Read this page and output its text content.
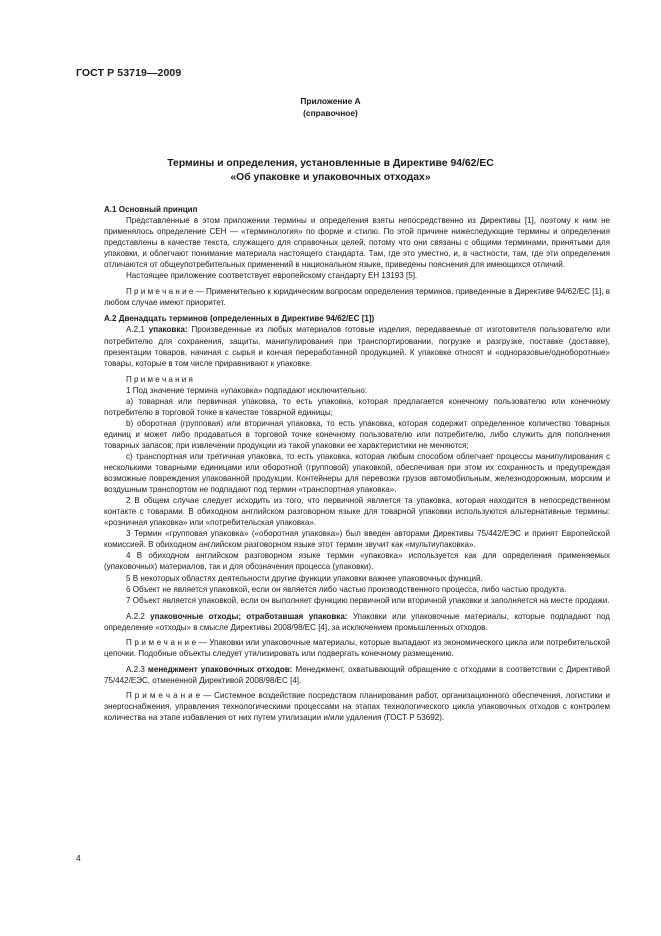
ГОСТ Р 53719—2009
Приложение А
(справочное)
Термины и определения, установленные в Директиве 94/62/ЕС
«Об упаковке и упаковочных отходах»

А.1 Основный принцип

Представленные в этом приложении термины и определения взяты непосредственно из Директивы [1], поэтому к ним не применялось определение СЕН — «терминология» по форме и стилю. По этой причине нижеследующие термины и определения представлены в качестве текста, служащего для справочных целей, потому что они связаны с общими терминами, принятыми для упаковки, и облегчают понимание материала настоящего стандарта. Там, где это уместно, и, в частности, там, где эти определения отличаются от общеупотребительных применений в национальном языке, приведены пояснения для имеющихся отличий.

Настоящее приложение соответствует европейскому стандарту ЕН 13193 [5].

П р и м е ч а н и е — Применительно к юридическим вопросам определения терминов, приведенные в Директиве 94/62/ЕС [1], в любом случае имеют приоритет.

А.2 Двенадцать терминов (определенных в Директиве 94/62/ЕС [1])

А.2.1 упаковка: Произведенные из любых материалов готовые изделия, передаваемые от изготовителя пользователю или потребителю для сохранения, защиты, манипулирования при транспортировании, погрузке и разгрузке, поставке (доставке), презентации товаров, начиная с сырья и кончая переработанной продукцией. К упаковке относят и «одноразовые/одноборотные» товары, которые в том числе приравнивают к упаковке.

П р и м е ч а н и я

1 Под значение термина «упаковка» подпадают исключительно:

а) товарная или первичная упаковка, то есть упаковка, которая предлагается конечному пользователю или конечному потребителю в торговой точке в качестве товарной единицы;

b) оборотная (групповая) или вторичная упаковка, то есть упаковка, которая содержит определенное количество товарных единиц и может либо продаваться в торговой точке конечному пользователю или потребителю, либо служить для пополнения товарных запасов; при извлечении продукции из такой упаковки ее характеристики не меняются;

с) транспортная или третичная упаковка, то есть упаковка, которая любым способом облегчает процессы манипулирования с несколькими товарными единицами или оборотной (групповой) упаковкой, обеспечивая при этом их сохранность и предупреждая возможные повреждения упакованной продукции. Контейнеры для перевозки грузов автомобильным, железнодорожным, морским и воздушным транспортом не подпадают под термин «транспортная упаковка».

2 В общем случае следует исходить из того, что первичной является та упаковка, которая находится в непосредственном контакте с товарами. В обиходном английском разговорном языке для товарной упаковки используются альтернативные термины: «розничная упаковка» или «потребительская упаковка».

3 Термин «групповая упаковка» («оборотная упаковка») был введен авторами Директивы 75/442/ЕЭС и принят Европейской комиссией. В обиходном английском разговорном языке этот термин звучит как «мультиупаковка».

4 В обиходном английском разговорном языке термин «упаковка» используется как для определения применяемых (упаковочных) материалов, так и для обозначения процесса (упаковки).

5 В некоторых областях деятельности другие функции упаковки важнее упаковочных функций.

6 Объект не является упаковкой, если он является либо частью производственного процесса, либо частью продукта.

7 Объект является упаковкой, если он выполняет функцию первичной или вторичной упаковки и заполняется на месте продажи.

А.2.2 упаковочные отходы; отработавшая упаковка: Упаковки или упаковочные материалы, которые подпадают под определение «отходы» в смысле Директивы 2008/98/ЕС [4], за исключением промышленных отходов.

П р и м е ч а н и е — Упаковки или упаковочные материалы, которые выпадают из экономического цикла или потребительской цепочки. Подобные объекты следует утилизировать или подвергать конечному размещению.

А.2.3 менеджмент упаковочных отходов: Менеджмент, охватывающий обращение с отходами в соответствии с Директивой 75/442/ЕЭС, отмененной Директивой 2008/98/ЕС [4].

П р и м е ч а н и е — Системное воздействие посредством планирования работ, организационного обеспечения, логистики и энергоснабжения, управления технологическими процессами на этапах технологического цикла упаковочных отходов с контролем количества на этапе избавления от них путем утилизации и/или удаления (ГОСТ Р 53692).

4
